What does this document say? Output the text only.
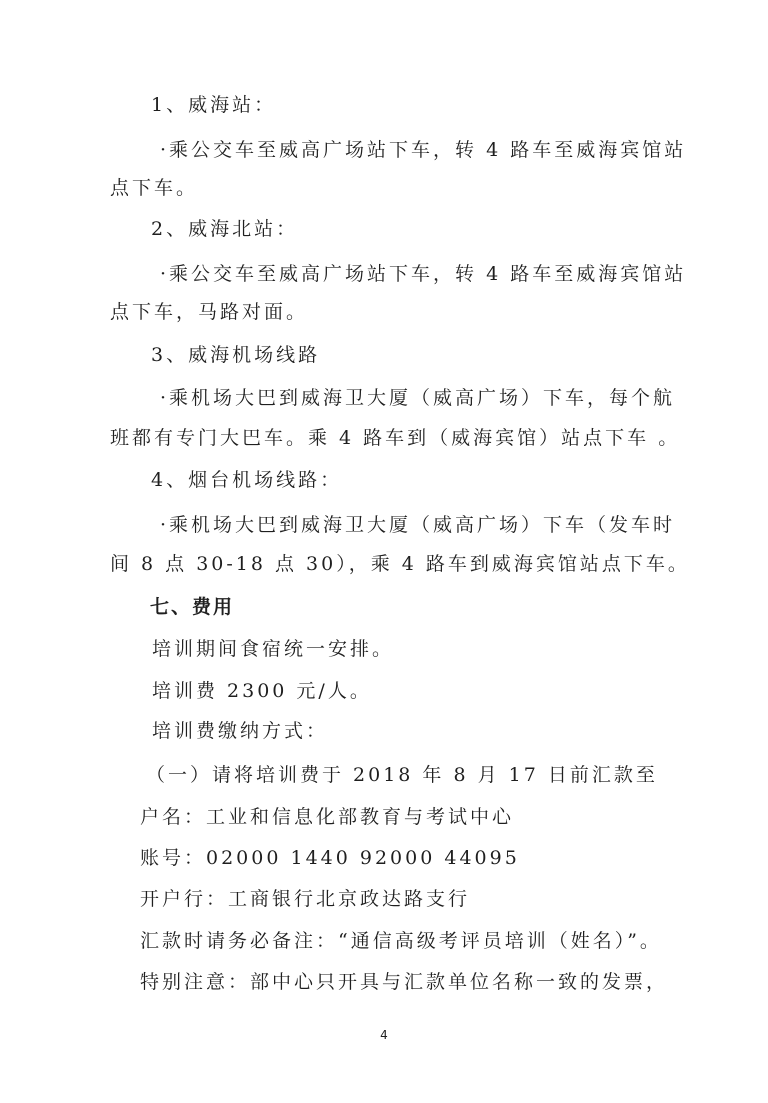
1、威海站：
·乘公交车至威高广场站下车，转 4 路车至威海宾馆站
点下车。
2、威海北站：
·乘公交车至威高广场站下车，转 4 路车至威海宾馆站
点下车，马路对面。
3、威海机场线路
·乘机场大巴到威海卫大厦（威高广场）下车，每个航
班都有专门大巴车。乘 4 路车到（威海宾馆）站点下车 。
4、烟台机场线路：
·乘机场大巴到威海卫大厦（威高广场）下车（发车时
间 8 点 30-18 点 30），乘 4 路车到威海宾馆站点下车。
七、费用
培训期间食宿统一安排。
培训费 2300 元/人。
培训费缴纳方式：
（一）请将培训费于 2018 年 8 月 17 日前汇款至
户名：工业和信息化部教育与考试中心
账号：02000 1440 92000 44095
开户行：工商银行北京政达路支行
汇款时请务必备注：“通信高级考评员培训（姓名）”。
特别注意：部中心只开具与汇款单位名称一致的发票，
4
